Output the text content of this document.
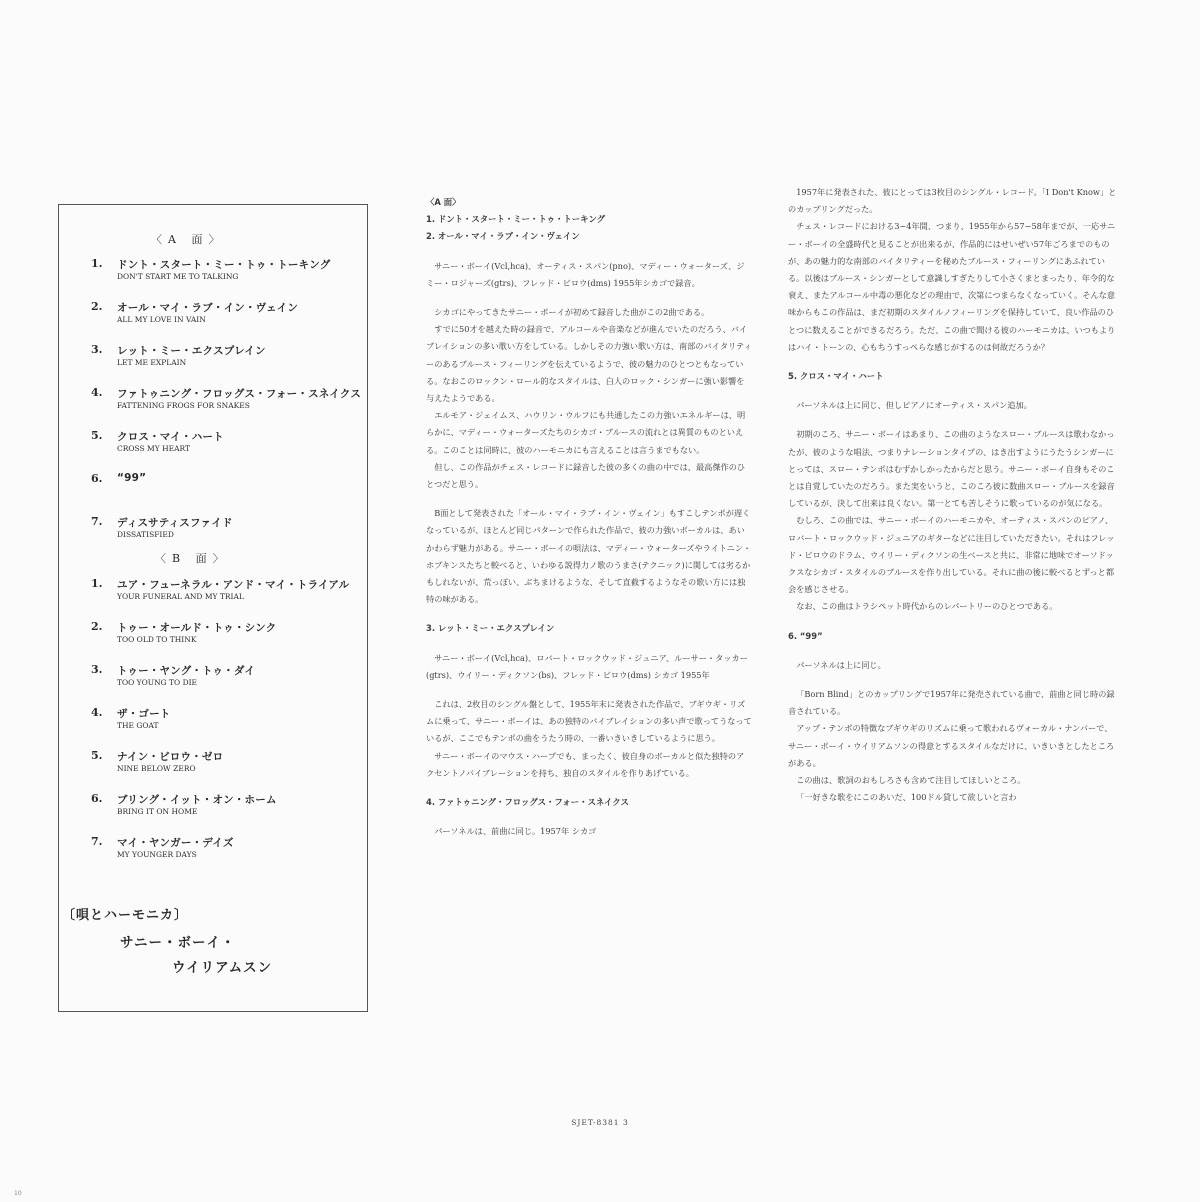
〈A 面〉
1. ドント・スタート・ミー・トゥ・トーキング
DON'T START ME TO TALKING
2. オール・マイ・ラブ・イン・ヴェイン
ALL MY LOVE IN VAIN
3. レット・ミー・エクスプレイン
LET ME EXPLAIN
4. ファトゥニング・フロッグス・フォー・スネイクス
FATTENING FROGS FOR SNAKES
5. クロス・マイ・ハート
CROSS MY HEART
6. “99”
7. ディスサティスファイド
DISSATISFIED
〈B 面〉
1. ユア・フューネラル・アンド・マイ・トライアル
YOUR FUNERAL AND MY TRIAL
2. トゥー・オールド・トゥ・シンク
TOO OLD TO THINK
3. トゥー・ヤング・トゥ・ダイ
TOO YOUNG TO DIE
4. ザ・ゴート
THE GOAT
5. ナイン・ビロウ・ゼロ
NINE BELOW ZERO
6. ブリング・イット・オン・ホーム
BRING IT ON HOME
7. マイ・ヤンガー・デイズ
MY YOUNGER DAYS
〔唄とハーモニカ〕
サニー・ボーイ・
ウイリアムスン

〈A 面〉

1. ドント・スタート・ミー・トゥ・トーキング

2. オール・マイ・ラブ・イン・ヴェイン

サニー・ボーイ(Vcl,hca)、オーティス・スパン(pno)、マディー・ウォーターズ、ジミー・ロジャーズ(gtrs)、フレッド・ビロウ(dms) 1955年シカゴで録音。

シカゴにやってきたサニー・ボーイが初めて録音した曲がこの2曲である。

すでに50才を越えた時の録音で、アルコールや音楽などが進んでいたのだろう、バイブレイションの多い歌い方をしている。しかしその力強い歌い方は、南部のバイタリティーのあるブルース・フィーリングを伝えているようで、彼の魅力のひとつともなっている。なおこのロックン・ロール的なスタイルは、白人のロック・シンガーに強い影響を与えたようである。

エルモア・ジェイムス、ハウリン・ウルフにも共通したこの力強いエネルギーは、明らかに、マディー・ウォーターズたちのシカゴ・ブルースの流れとは異質のものといえる。このことは同時に、彼のハーモニカにも言えることは言うまでもない。

但し、この作品がチェス・レコードに録音した彼の多くの曲の中では、最高傑作のひとつだと思う。

B面として発表された「オール・マイ・ラブ・イン・ヴェイン」もすこしテンポが遅くなっているが、ほとんど同じパターンで作られた作品で、彼の力強いボーカルは、あいかわらず魅力がある。サニー・ボーイの唄法は、マディー・ウォーターズやライトニン・ホプキンスたちと較べると、いわゆる説得力ノ歌のうまさ(テクニック)に関しては劣るかもしれないが、荒っぽい、ぶちまけるような、そして直截するようなその歌い方には独特の味がある。

3. レット・ミー・エクスプレイン

サニー・ボーイ(Vcl,hca)、ロバート・ロックウッド・ジュニア、ルーサー・タッカー(gtrs)、ウイリー・ディクソン(bs)、フレッド・ビロウ(dms) シカゴ 1955年

これは、2枚目のシングル盤として、1955年末に発表された作品で、ブギウギ・リズムに乗って、サニー・ボーイは、あの独特のバイブレイションの多い声で歌ってうなっているが、ここでもテンポの曲をうたう時の、一番いきいきしているように思う。

サニー・ボーイのマウス・ハープでも、まったく、彼自身のボーカルと似た独特のアクセントノバイブレーションを持ち、独自のスタイルを作りあげている。

4. ファトゥニング・フロッグス・フォー・スネイクス

パーソネルは、前曲に同じ。1957年 シカゴ

1957年に発表された、彼にとっては3枚目のシングル・レコード。「I Don't Know」とのカップリングだった。

チェス・レコードにおける3~4年間、つまり、1955年から57~58年までが、一応サニー・ボーイの全盛時代と見ることが出来るが、作品的にはせいぜい57年ごろまでのものが、あの魅力的な南部のバイタリティーを秘めたブルース・フィーリングにあふれている。以後はブルース・シンガーとして意識しすぎたりして小さくまとまったり、年令的な衰え、またアルコール中毒の悪化などの理由で、次第につまらなくなっていく。そんな意味からもこの作品は、まだ初期のスタイルノフィーリングを保持していて、良い作品のひとつに数えることができるだろう。ただ、この曲で聞ける彼のハーモニカは、いつもよりはハイ・トーンの、心もちうすっぺらな感じがするのは何故だろうか？

5. クロス・マイ・ハート

パーソネルは上に同じ、但しピアノにオーティス・スパン追加。

初期のころ、サニー・ボーイはあまり、この曲のようなスロー・ブルースは歌わなかったが、彼のような唱法、つまりナレーションタイプの、はき出すようにうたうシンガーにとっては、スロー・テンポはむずかしかったからだと思う。サニー・ボーイ自身もそのことは自覚していたのだろう。また実をいうと、このころ彼に数曲スロー・ブルースを録音しているが、決して出来は良くない。第一とても苦しそうに歌っているのが気になる。

むしろ、この曲では、サニー・ボーイのハーモニカや、オーティス・スパンのピアノ、ロバート・ロックウッド・ジュニアのギターなどに注目していただきたい。それはフレッド・ビロウのドラム、ウイリー・ディクソンの生ベースと共に、非常に地味でオーソドックスなシカゴ・スタイルのブルースを作り出している。それに曲の後に較べるとずっと都会を感じさせる。

なお、この曲はトラシペット時代からのレパートリーのひとつである。

6. “99”

パーソネルは上に同じ。

「Born Blind」とのカップリングで1957年に発売されている曲で、前曲と同じ時の録音されている。

アップ・テンポの特徴なブギウギのリズムに乗って歌われるヴォーカル・ナンバーで、サニー・ボーイ・ウイリアムソンの得意とするスタイルなだけに、いきいきとしたところがある。

この曲は、歌詞のおもしろさも含めて注目してほしいところ。

「一好きな歌をにこのあいだ、100ドル貸して欲しいと言わ

SJET-8381 3
10
